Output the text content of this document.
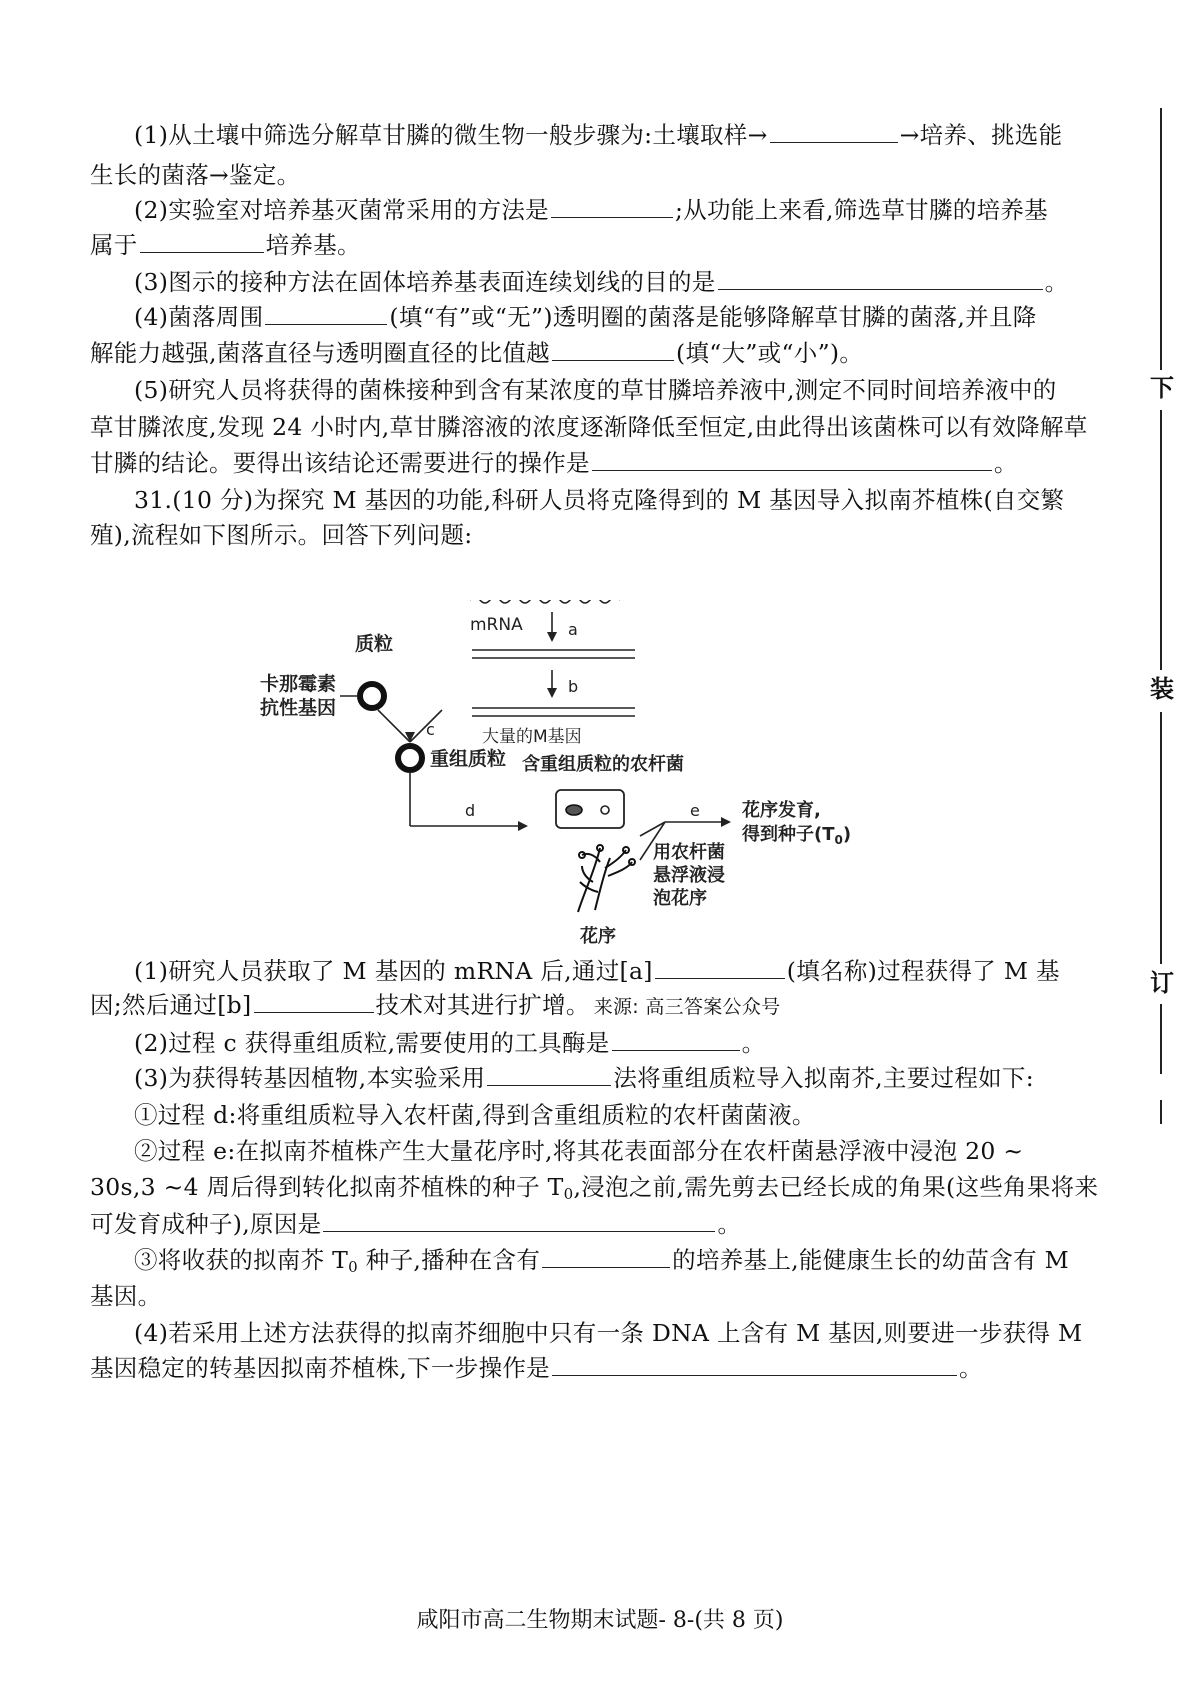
(1)从土壤中筛选分解草甘膦的微生物一般步骤为:土壤取样→	→培养、挑选能
生长的菌落→鉴定。
(2)实验室对培养基灭菌常采用的方法是	;从功能上来看,筛选草甘膦的培养基
属于	培养基。
(3)图示的接种方法在固体培养基表面连续划线的目的是	。
(4)菌落周围	(填“有”或“无”)透明圈的菌落是能够降解草甘膦的菌落,并且降
解能力越强,菌落直径与透明圈直径的比值越	(填“大”或“小”)。
(5)研究人员将获得的菌株接种到含有某浓度的草甘膦培养液中,测定不同时间培养液中的
草甘膦浓度,发现 24 小时内,草甘膦溶液的浓度逐渐降低至恒定,由此得出该菌株可以有效降解草
甘膦的结论。要得出该结论还需要进行的操作是	。
31.(10 分)为探究 M 基因的功能,科研人员将克隆得到的 M 基因导入拟南芥植株(自交繁
殖),流程如下图所示。回答下列问题:
mRNA	a
b
大量的M基因
质粒
卡那霉素
抗性基因
c
重组质粒
d
含重组质粒的农杆菌
e 花序发育,
得到种子$(T_0)$
用农杆菌
悬浮液浸
泡花序
花序
(1)研究人员获取了 M 基因的 mRNA 后,通过[a]	(填名称)过程获得了 M 基
因;然后通过[b]	技术对其进行扩增。 来源: 高三答案公众号
(2)过程 c 获得重组质粒,需要使用的工具酶是	。
(3)为获得转基因植物,本实验采用	法将重组质粒导入拟南芥,主要过程如下:
①过程 d:将重组质粒导入农杆菌,得到含重组质粒的农杆菌菌液。
②过程 e:在拟南芥植株产生大量花序时,将其花表面部分在农杆菌悬浮液中浸泡 20 ~
30s,3 ~4 周后得到转化拟南芥植株的种子 $T_0$,浸泡之前,需先剪去已经长成的角果(这些角果将来
可发育成种子),原因是	。
③将收获的拟南芥 $T_0$ 种子,播种在含有	的培养基上,能健康生长的幼苗含有 M
基因。
(4)若采用上述方法获得的拟南芥细胞中只有一条 DNA 上含有 M 基因,则要进一步获得 M
基因稳定的转基因拟南芥植株,下一步操作是	。
下
装
订
咸阳市高二生物期末试题- 8-(共 8 页)
